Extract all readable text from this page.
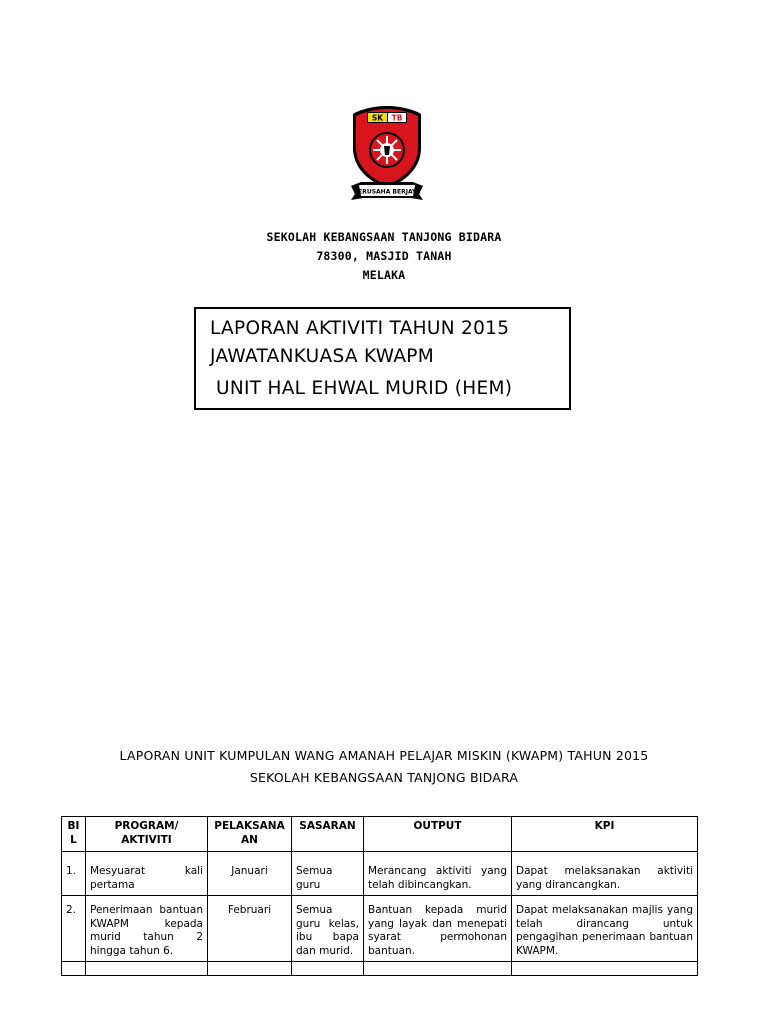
SK TB
BERUSAHA BERJAYA
SEKOLAH KEBANGSAAN TANJONG BIDARA
78300, MASJID TANAH
MELAKA
LAPORAN AKTIVITI TAHUN 2015
JAWATANKUASA KWAPM
UNIT HAL EHWAL MURID (HEM)
LAPORAN UNIT KUMPULAN WANG AMANAH PELAJAR MISKIN (KWAPM) TAHUN 2015
SEKOLAH KEBANGSAAN TANJONG BIDARA
BI L	PROGRAM/ AKTIVITI	PELAKSANA AN	SASARAN	OUTPUT	KPI
1.	Mesyuarat kali pertama	Januari	Semua guru	Merancang aktiviti yang telah dibincangkan.	Dapat melaksanakan aktiviti yang dirancangkan.
2.	Penerimaan bantuan KWAPM kepada murid tahun 2 hingga tahun 6.	Februari	Semua guru kelas, ibu bapa dan murid.	Bantuan kepada murid yang layak dan menepati syarat permohonan bantuan.	Dapat melaksanakan majlis yang telah dirancang untuk pengagihan penerimaan bantuan KWAPM.
